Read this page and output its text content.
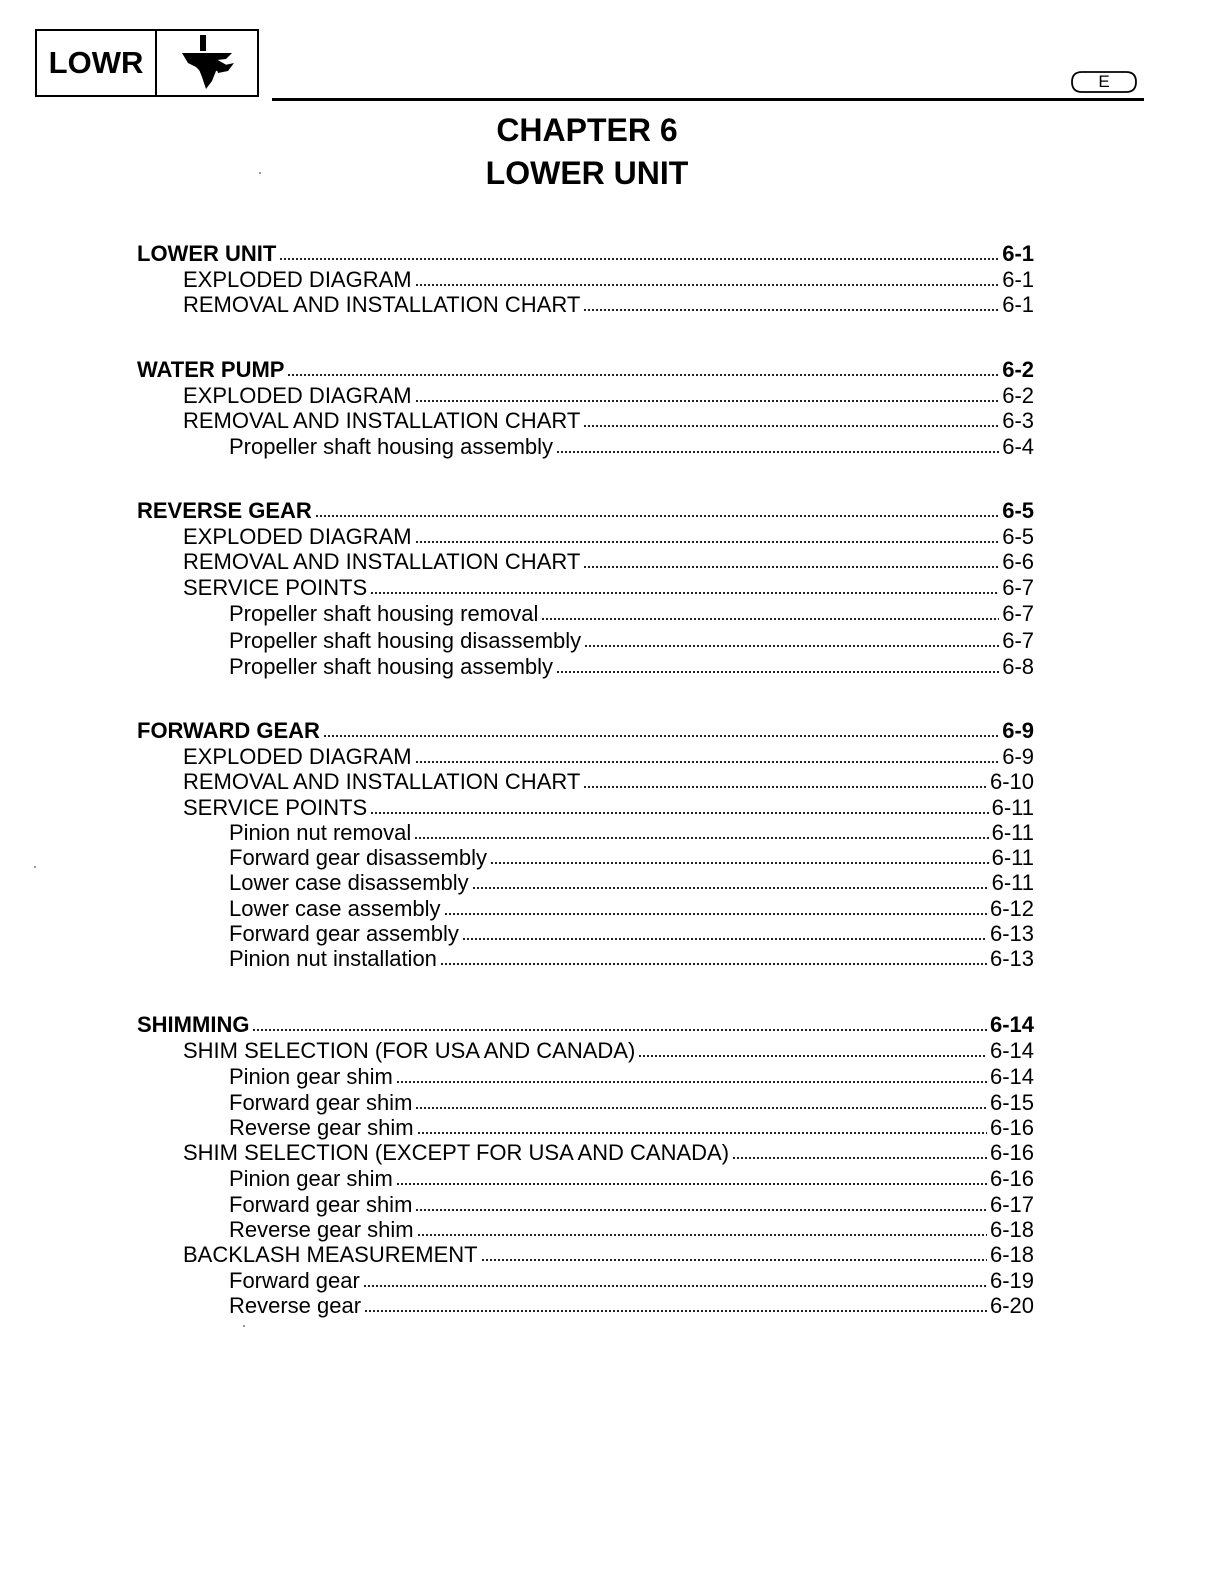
LOWR
E
CHAPTER 6
LOWER UNIT
LOWER UNIT	6-1
EXPLODED DIAGRAM	6-1
REMOVAL AND INSTALLATION CHART	6-1
WATER PUMP	6-2
EXPLODED DIAGRAM	6-2
REMOVAL AND INSTALLATION CHART	6-3
Propeller shaft housing assembly	6-4
REVERSE GEAR	6-5
EXPLODED DIAGRAM	6-5
REMOVAL AND INSTALLATION CHART	6-6
SERVICE POINTS	6-7
Propeller shaft housing removal	6-7
Propeller shaft housing disassembly	6-7
Propeller shaft housing assembly	6-8
FORWARD GEAR	6-9
EXPLODED DIAGRAM	6-9
REMOVAL AND INSTALLATION CHART	6-10
SERVICE POINTS	6-11
Pinion nut removal	6-11
Forward gear disassembly	6-11
Lower case disassembly	6-11
Lower case assembly	6-12
Forward gear assembly	6-13
Pinion nut installation	6-13
SHIMMING	6-14
SHIM SELECTION (FOR USA AND CANADA)	6-14
Pinion gear shim	6-14
Forward gear shim	6-15
Reverse gear shim	6-16
SHIM SELECTION (EXCEPT FOR USA AND CANADA)	6-16
Pinion gear shim	6-16
Forward gear shim	6-17
Reverse gear shim	6-18
BACKLASH MEASUREMENT	6-18
Forward gear	6-19
Reverse gear	6-20
